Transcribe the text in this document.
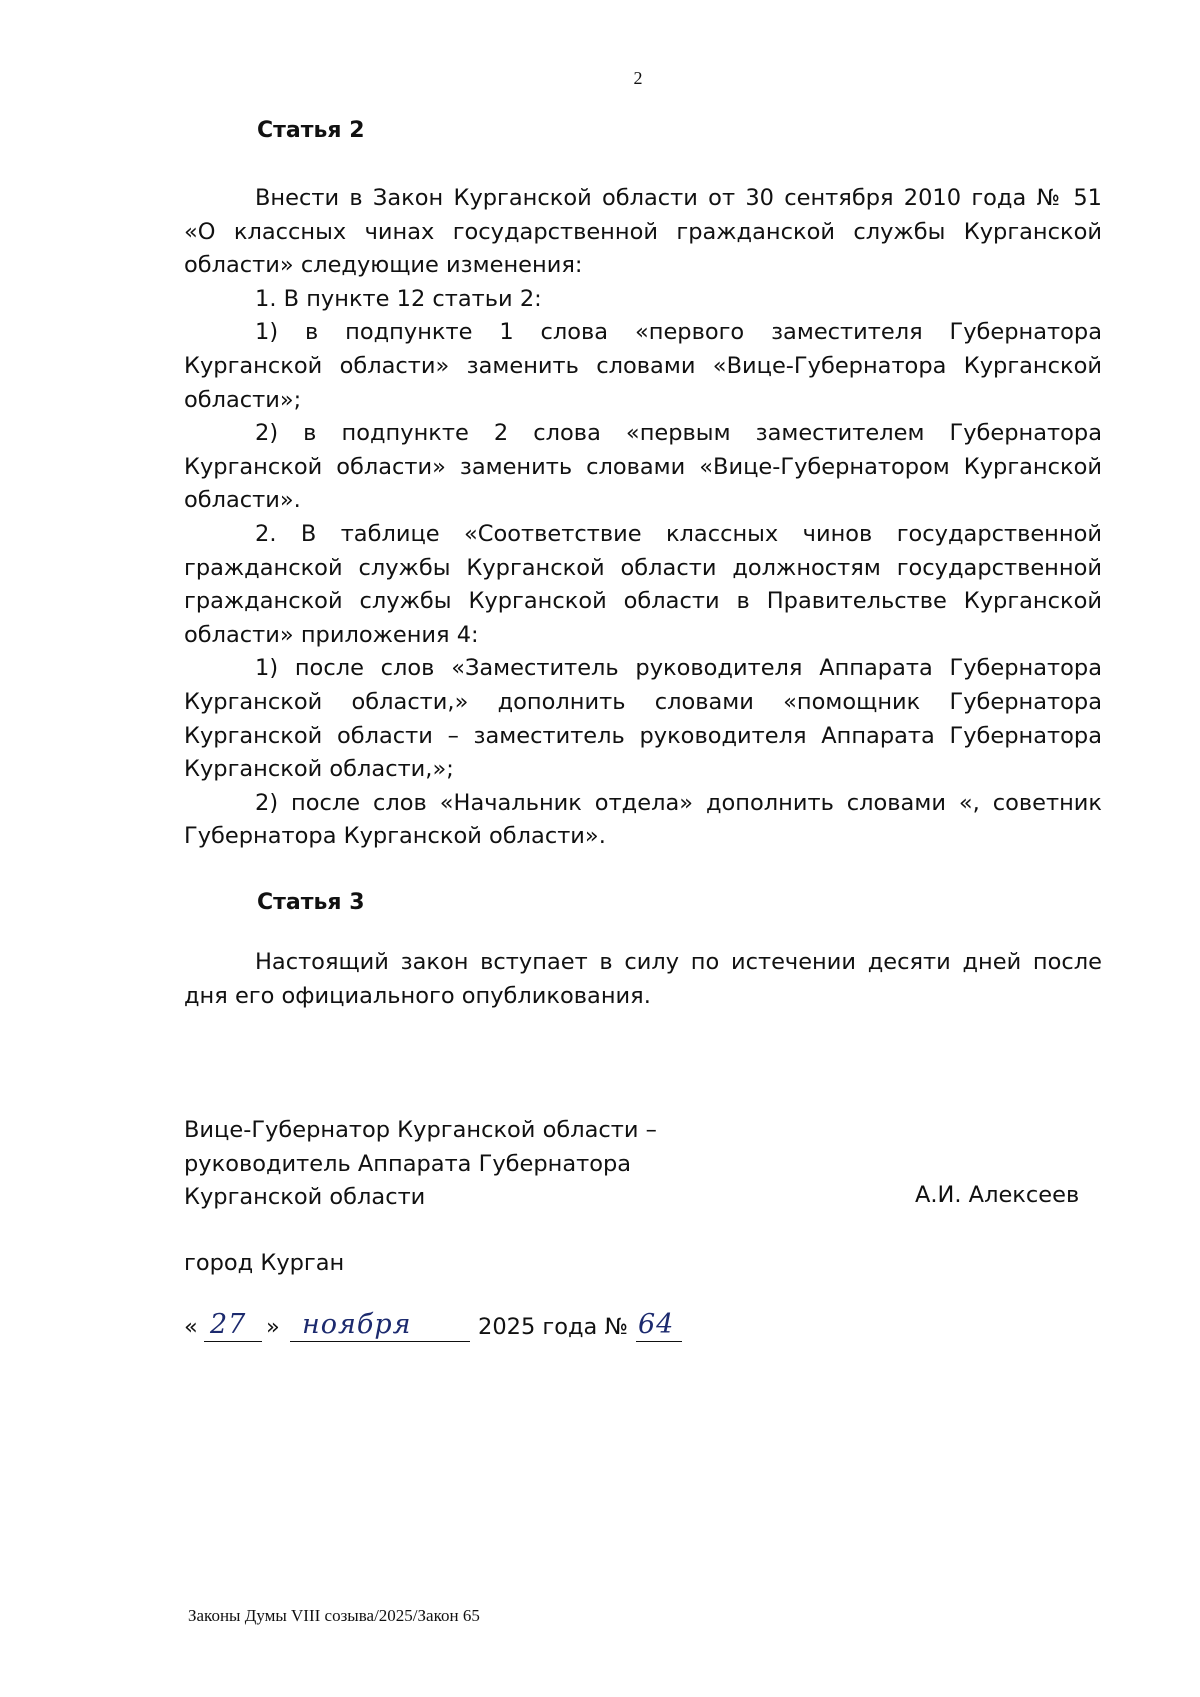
2
Статья 2

Внести в Закон Курганской области от 30 сентября 2010 года № 51 «О классных чинах государственной гражданской службы Курганской области» следующие изменения:

1. В пункте 12 статьи 2:

1) в подпункте 1 слова «первого заместителя Губернатора Курганской области» заменить словами «Вице-Губернатора Курганской области»;

2) в подпункте 2 слова «первым заместителем Губернатора Курганской области» заменить словами «Вице-Губернатором Курганской области».

2. В таблице «Соответствие классных чинов государственной гражданской службы Курганской области должностям государственной гражданской службы Курганской области в Правительстве Курганской области» приложения 4:

1) после слов «Заместитель руководителя Аппарата Губернатора Курганской области,» дополнить словами «помощник Губернатора Курганской области – заместитель руководителя Аппарата Губернатора Курганской области,»;

2) после слов «Начальник отдела» дополнить словами «, советник Губернатора Курганской области».

Статья 3

Настоящий закон вступает в силу по истечении десяти дней после дня его официального опубликования.

Вице-Губернатор Курганской области –
руководитель Аппарата Губернатора
Курганской области	А.И. Алексеев
город Курган
« 27 » ноября	2025 года № 64
Законы Думы VIII созыва/2025/Закон 65
